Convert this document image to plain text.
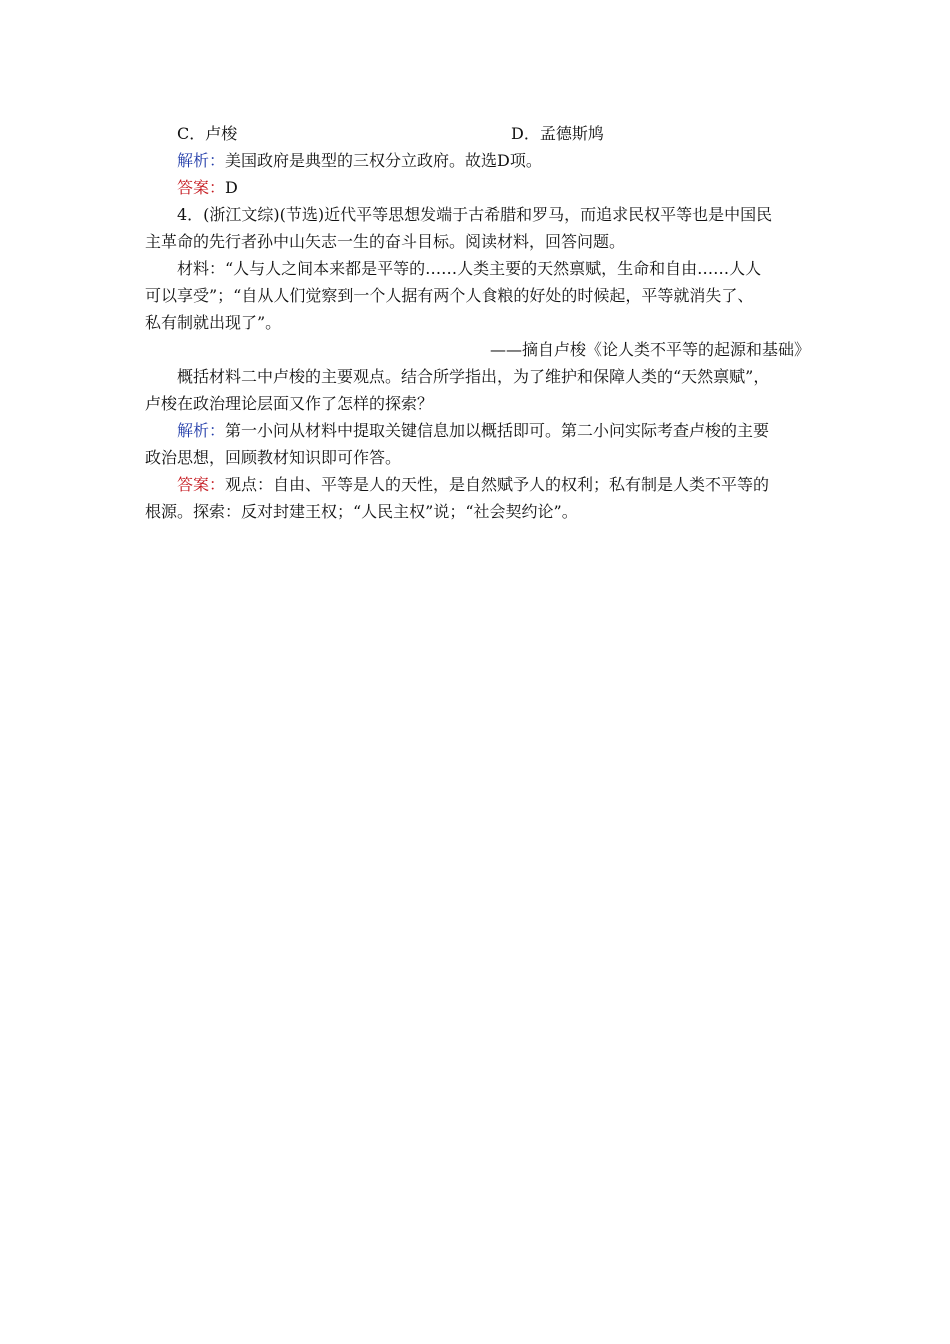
C．卢梭	D．孟德斯鸠
解析：美国政府是典型的三权分立政府。故选D项。
答案：D
4．(浙江文综)(节选)近代平等思想发端于古希腊和罗马，而追求民权平等也是中国民
主革命的先行者孙中山矢志一生的奋斗目标。阅读材料，回答问题。
材料：“人与人之间本来都是平等的……人类主要的天然禀赋，生命和自由……人人
可以享受”；“自从人们觉察到一个人据有两个人食粮的好处的时候起，平等就消失了、
私有制就出现了”。
——摘自卢梭《论人类不平等的起源和基础》
概括材料二中卢梭的主要观点。结合所学指出，为了维护和保障人类的“天然禀赋”，
卢梭在政治理论层面又作了怎样的探索？
解析：第一小问从材料中提取关键信息加以概括即可。第二小问实际考查卢梭的主要
政治思想，回顾教材知识即可作答。
答案：观点：自由、平等是人的天性，是自然赋予人的权利；私有制是人类不平等的
根源。探索：反对封建王权；“人民主权”说；“社会契约论”。
